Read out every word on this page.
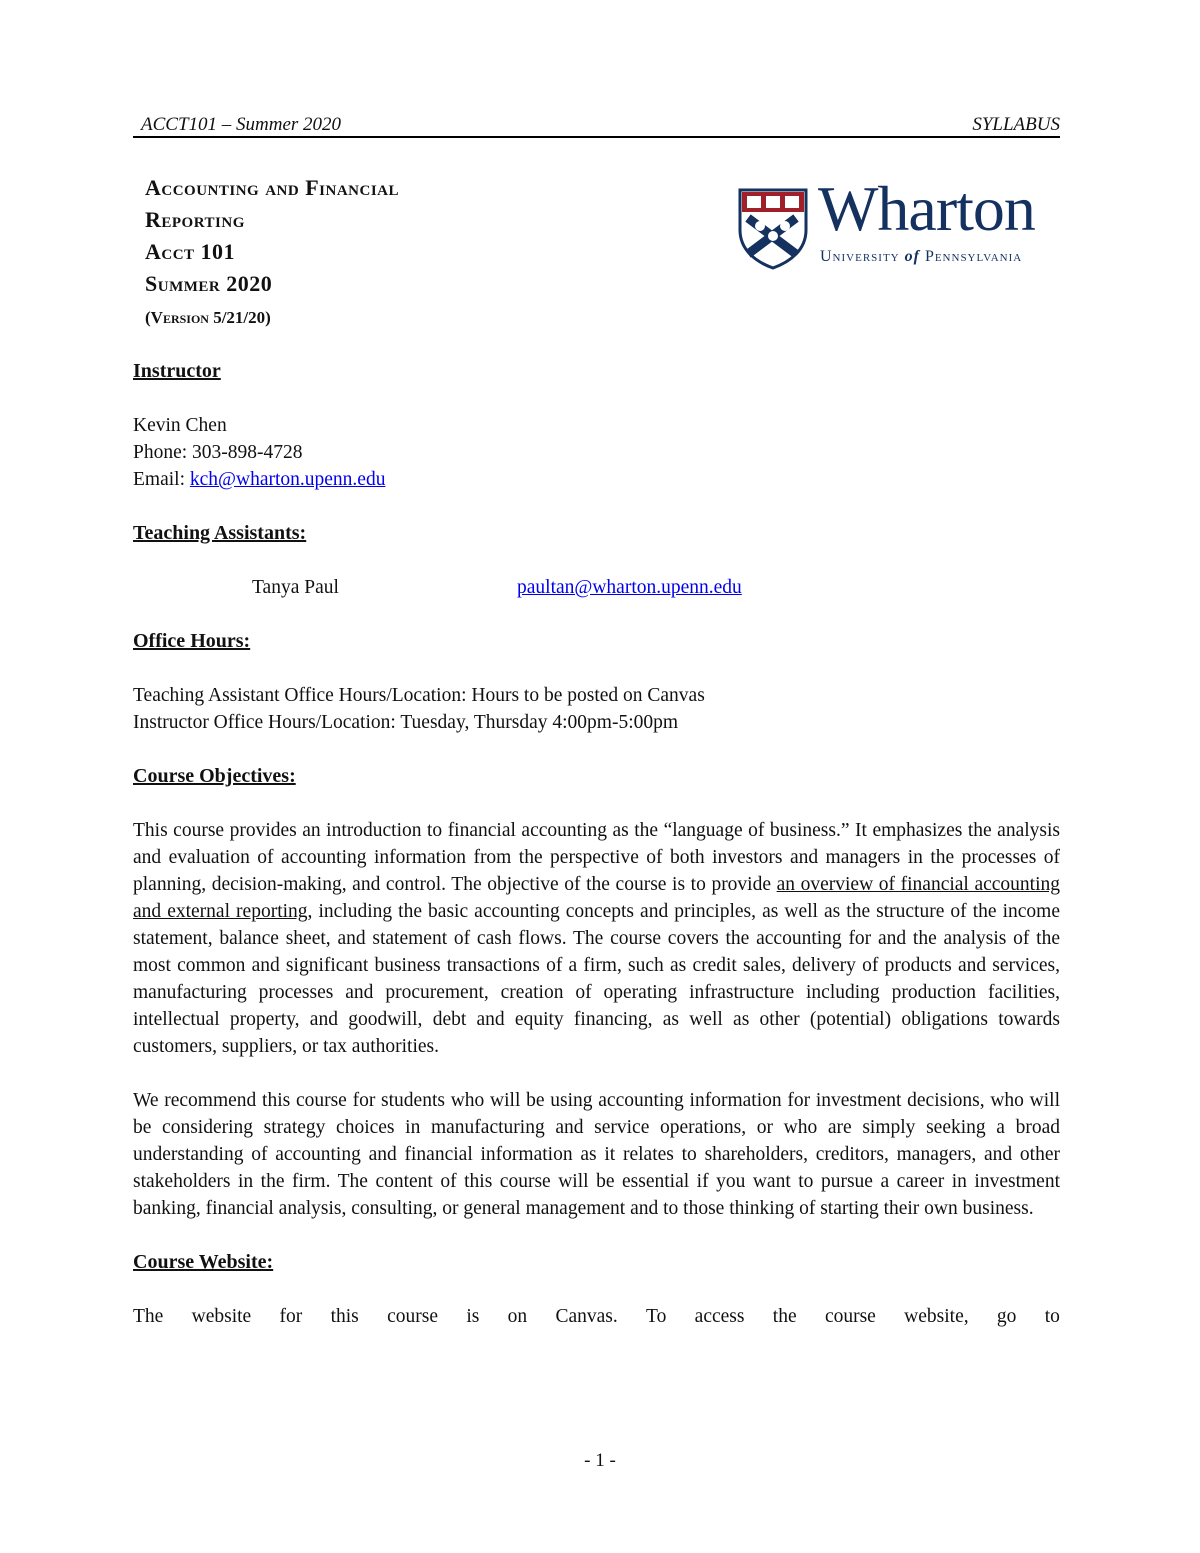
ACCT101 – Summer 2020	SYLLABUS
Accounting and Financial
Reporting
Acct 101
Summer 2020
(Version 5/21/20)
Wharton
University of Pennsylvania

Instructor

Kevin Chen
Phone: 303-898-4728
Email: kch@wharton.upenn.edu

Teaching Assistants:

Tanya Paul	paultan@wharton.upenn.edu

Office Hours:

Teaching Assistant Office Hours/Location: Hours to be posted on Canvas
Instructor Office Hours/Location: Tuesday, Thursday 4:00pm-5:00pm

Course Objectives:

This course provides an introduction to financial accounting as the “language of business.” It emphasizes the analysis and evaluation of accounting information from the perspective of both investors and managers in the processes of planning, decision-making, and control. The objective of the course is to provide an overview of financial accounting and external reporting, including the basic accounting concepts and principles, as well as the structure of the income statement, balance sheet, and statement of cash flows. The course covers the accounting for and the analysis of the most common and significant business transactions of a firm, such as credit sales, delivery of products and services, manufacturing processes and procurement, creation of operating infrastructure including production facilities, intellectual property, and goodwill, debt and equity financing, as well as other (potential) obligations towards customers, suppliers, or tax authorities.

We recommend this course for students who will be using accounting information for investment decisions, who will be considering strategy choices in manufacturing and service operations, or who are simply seeking a broad understanding of accounting and financial information as it relates to shareholders, creditors, managers, and other stakeholders in the firm. The content of this course will be essential if you want to pursue a career in investment banking, financial analysis, consulting, or general management and to those thinking of starting their own business.

Course Website:

The website for this course is on Canvas. To access the course website, go to
- 1 -
